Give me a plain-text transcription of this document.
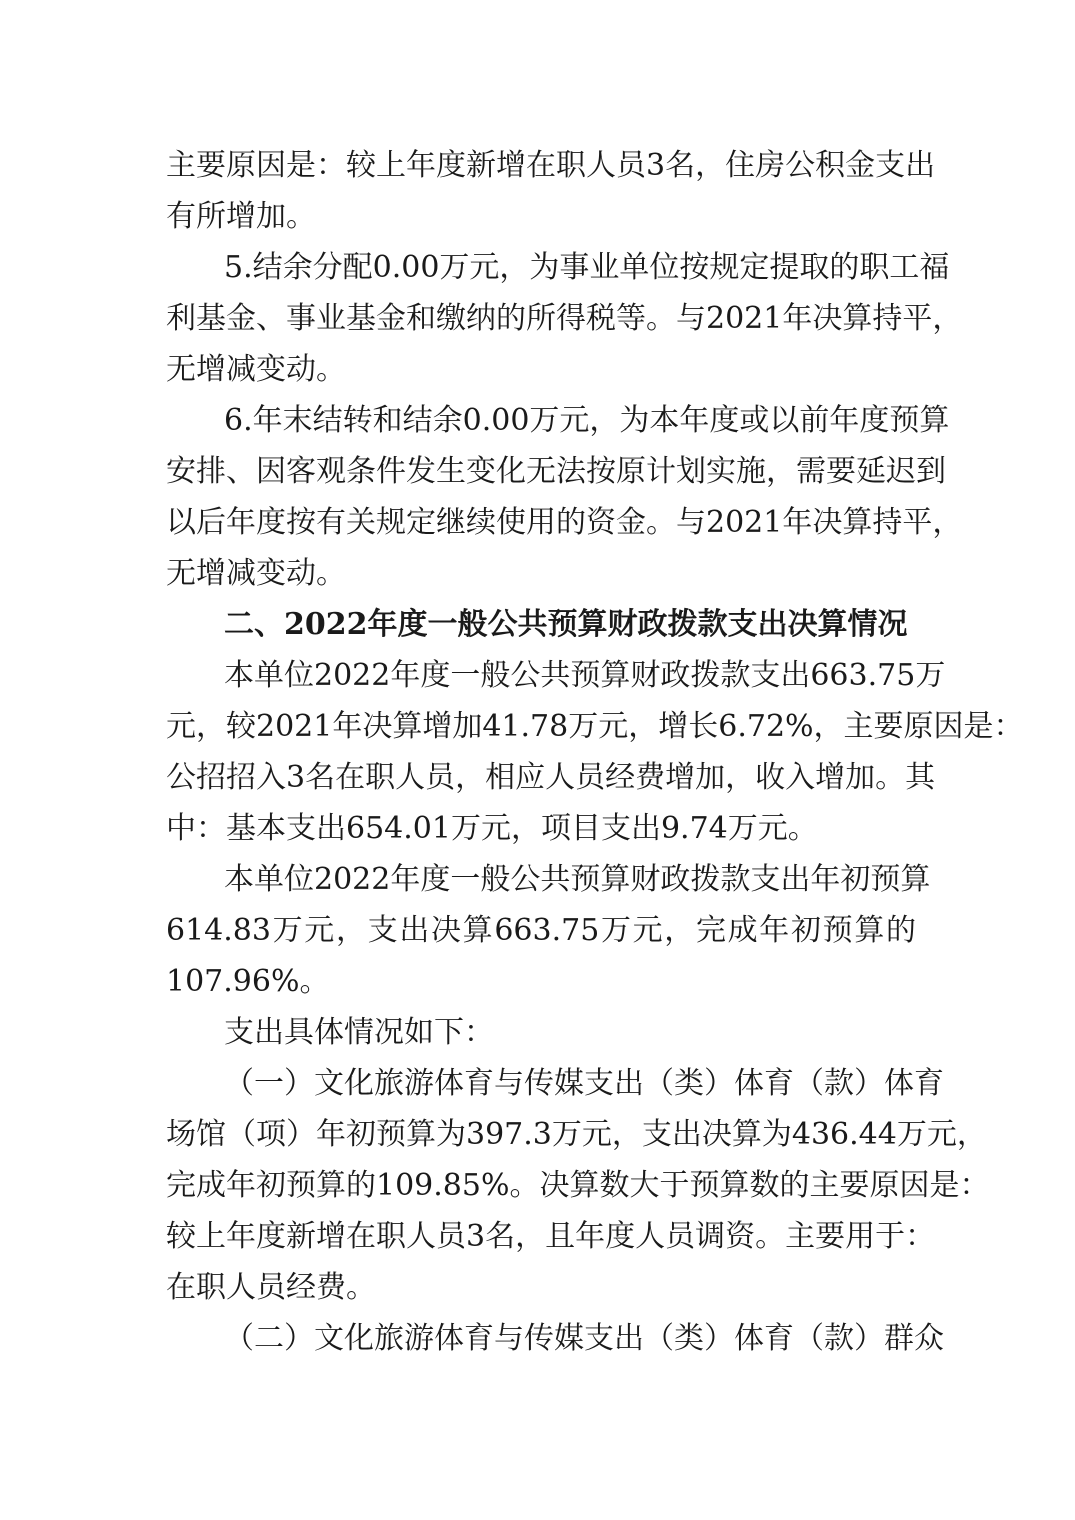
主要原因是：较上年度新增在职人员3名，住房公积金支出
有所增加。
5.结余分配0.00万元，为事业单位按规定提取的职工福
利基金、事业基金和缴纳的所得税等。与2021年决算持平，
无增减变动。
6.年末结转和结余0.00万元，为本年度或以前年度预算
安排、因客观条件发生变化无法按原计划实施，需要延迟到
以后年度按有关规定继续使用的资金。与2021年决算持平，
无增减变动。
二、2022年度一般公共预算财政拨款支出决算情况
本单位2022年度一般公共预算财政拨款支出663.75万
元，较2021年决算增加41.78万元，增长6.72%，主要原因是：
公招招入3名在职人员，相应人员经费增加，收入增加。其
中：基本支出654.01万元，项目支出9.74万元。
本单位2022年度一般公共预算财政拨款支出年初预算
614.83万元，支出决算663.75万元，完成年初预算的
107.96%。
支出具体情况如下：
（一）文化旅游体育与传媒支出（类）体育（款）体育
场馆（项）年初预算为397.3万元，支出决算为436.44万元，
完成年初预算的109.85%。决算数大于预算数的主要原因是：
较上年度新增在职人员3名，且年度人员调资。主要用于：
在职人员经费。
（二）文化旅游体育与传媒支出（类）体育（款）群众
